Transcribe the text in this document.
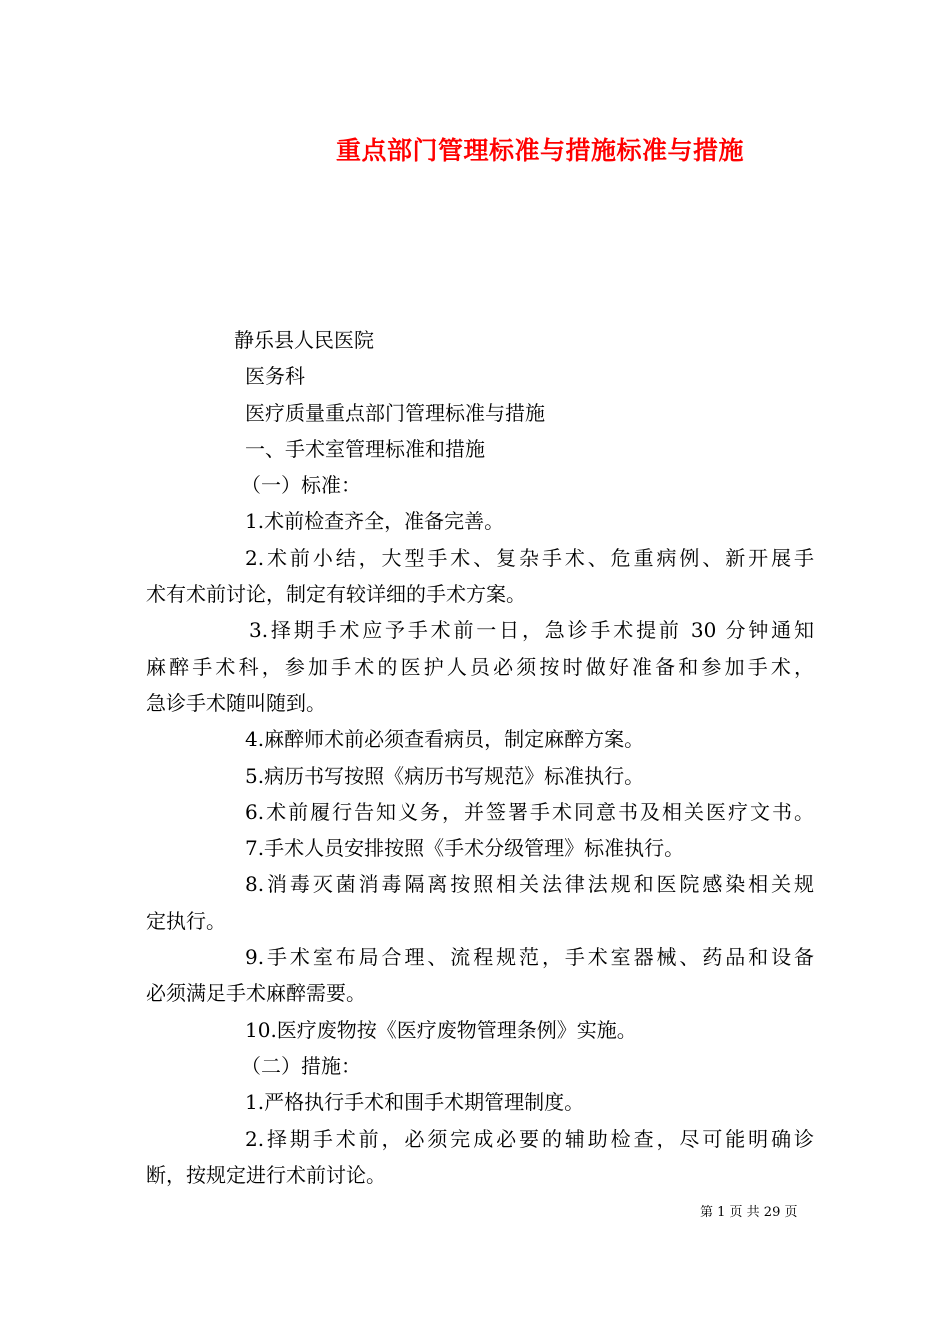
重点部门管理标准与措施标准与措施
静乐县人民医院
医务科
医疗质量重点部门管理标准与措施
一、手术室管理标准和措施
（一）标准：
1.术前检查齐全，准备完善。
2.术前小结，大型手术、复杂手术、危重病例、新开展手
术有术前讨论，制定有较详细的手术方案。
3.择期手术应予手术前一日，急诊手术提前 30 分钟通知
麻醉手术科，参加手术的医护人员必须按时做好准备和参加手术，
急诊手术随叫随到。
4.麻醉师术前必须查看病员，制定麻醉方案。
5.病历书写按照《病历书写规范》标准执行。
6.术前履行告知义务，并签署手术同意书及相关医疗文书。
7.手术人员安排按照《手术分级管理》标准执行。
8.消毒灭菌消毒隔离按照相关法律法规和医院感染相关规
定执行。
9.手术室布局合理、流程规范，手术室器械、药品和设备
必须满足手术麻醉需要。
10.医疗废物按《医疗废物管理条例》实施。
（二）措施：
1.严格执行手术和围手术期管理制度。
2.择期手术前，必须完成必要的辅助检查，尽可能明确诊
断，按规定进行术前讨论。
第 1 页 共 29 页
